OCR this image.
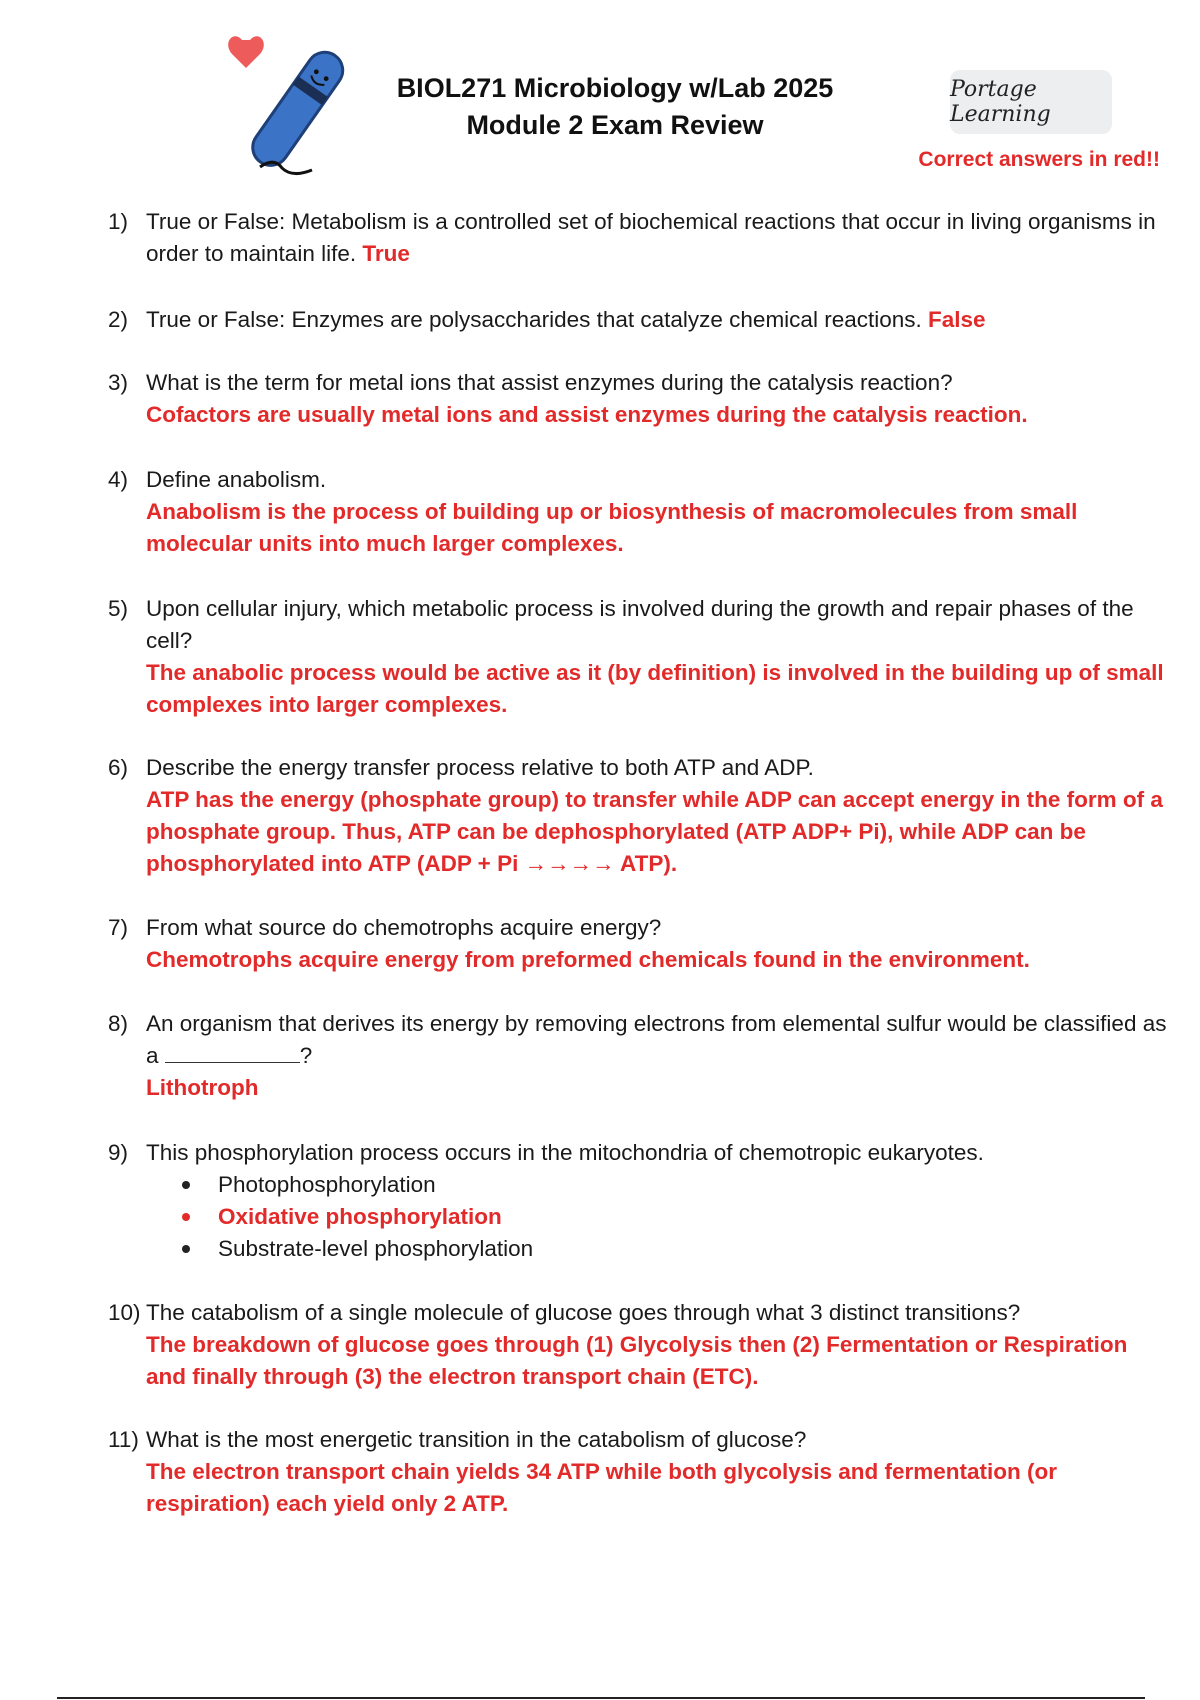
BIOL271 Microbiology w/Lab 2025
Module 2 Exam Review
Portage Learning
Correct answers in red!!
1) True or False: Metabolism is a controlled set of biochemical reactions that occur in living organisms in order to maintain life. True
2) True or False: Enzymes are polysaccharides that catalyze chemical reactions. False
3) What is the term for metal ions that assist enzymes during the catalysis reaction?
Cofactors are usually metal ions and assist enzymes during the catalysis reaction.
4) Define anabolism.
Anabolism is the process of building up or biosynthesis of macromolecules from small molecular units into much larger complexes.
5) Upon cellular injury, which metabolic process is involved during the growth and repair phases of the cell?
The anabolic process would be active as it (by definition) is involved in the building up of small complexes into larger complexes.
6) Describe the energy transfer process relative to both ATP and ADP.
ATP has the energy (phosphate group) to transfer while ADP can accept energy in the form of a phosphate group. Thus, ATP can be dephosphorylated (ATP ADP+ Pi), while ADP can be phosphorylated into ATP (ADP + Pi →→→→ ATP).
7) From what source do chemotrophs acquire energy?
Chemotrophs acquire energy from preformed chemicals found in the environment.
8) An organism that derives its energy by removing electrons from elemental sulfur would be classified as a	?
Lithotroph
9) This phosphorylation process occurs in the mitochondria of chemotropic eukaryotes.
Photophosphorylation
Oxidative phosphorylation
Substrate-level phosphorylation
10) The catabolism of a single molecule of glucose goes through what 3 distinct transitions?
The breakdown of glucose goes through (1) Glycolysis then (2) Fermentation or Respiration and finally through (3) the electron transport chain (ETC).
11) What is the most energetic transition in the catabolism of glucose?
The electron transport chain yields 34 ATP while both glycolysis and fermentation (or respiration) each yield only 2 ATP.
